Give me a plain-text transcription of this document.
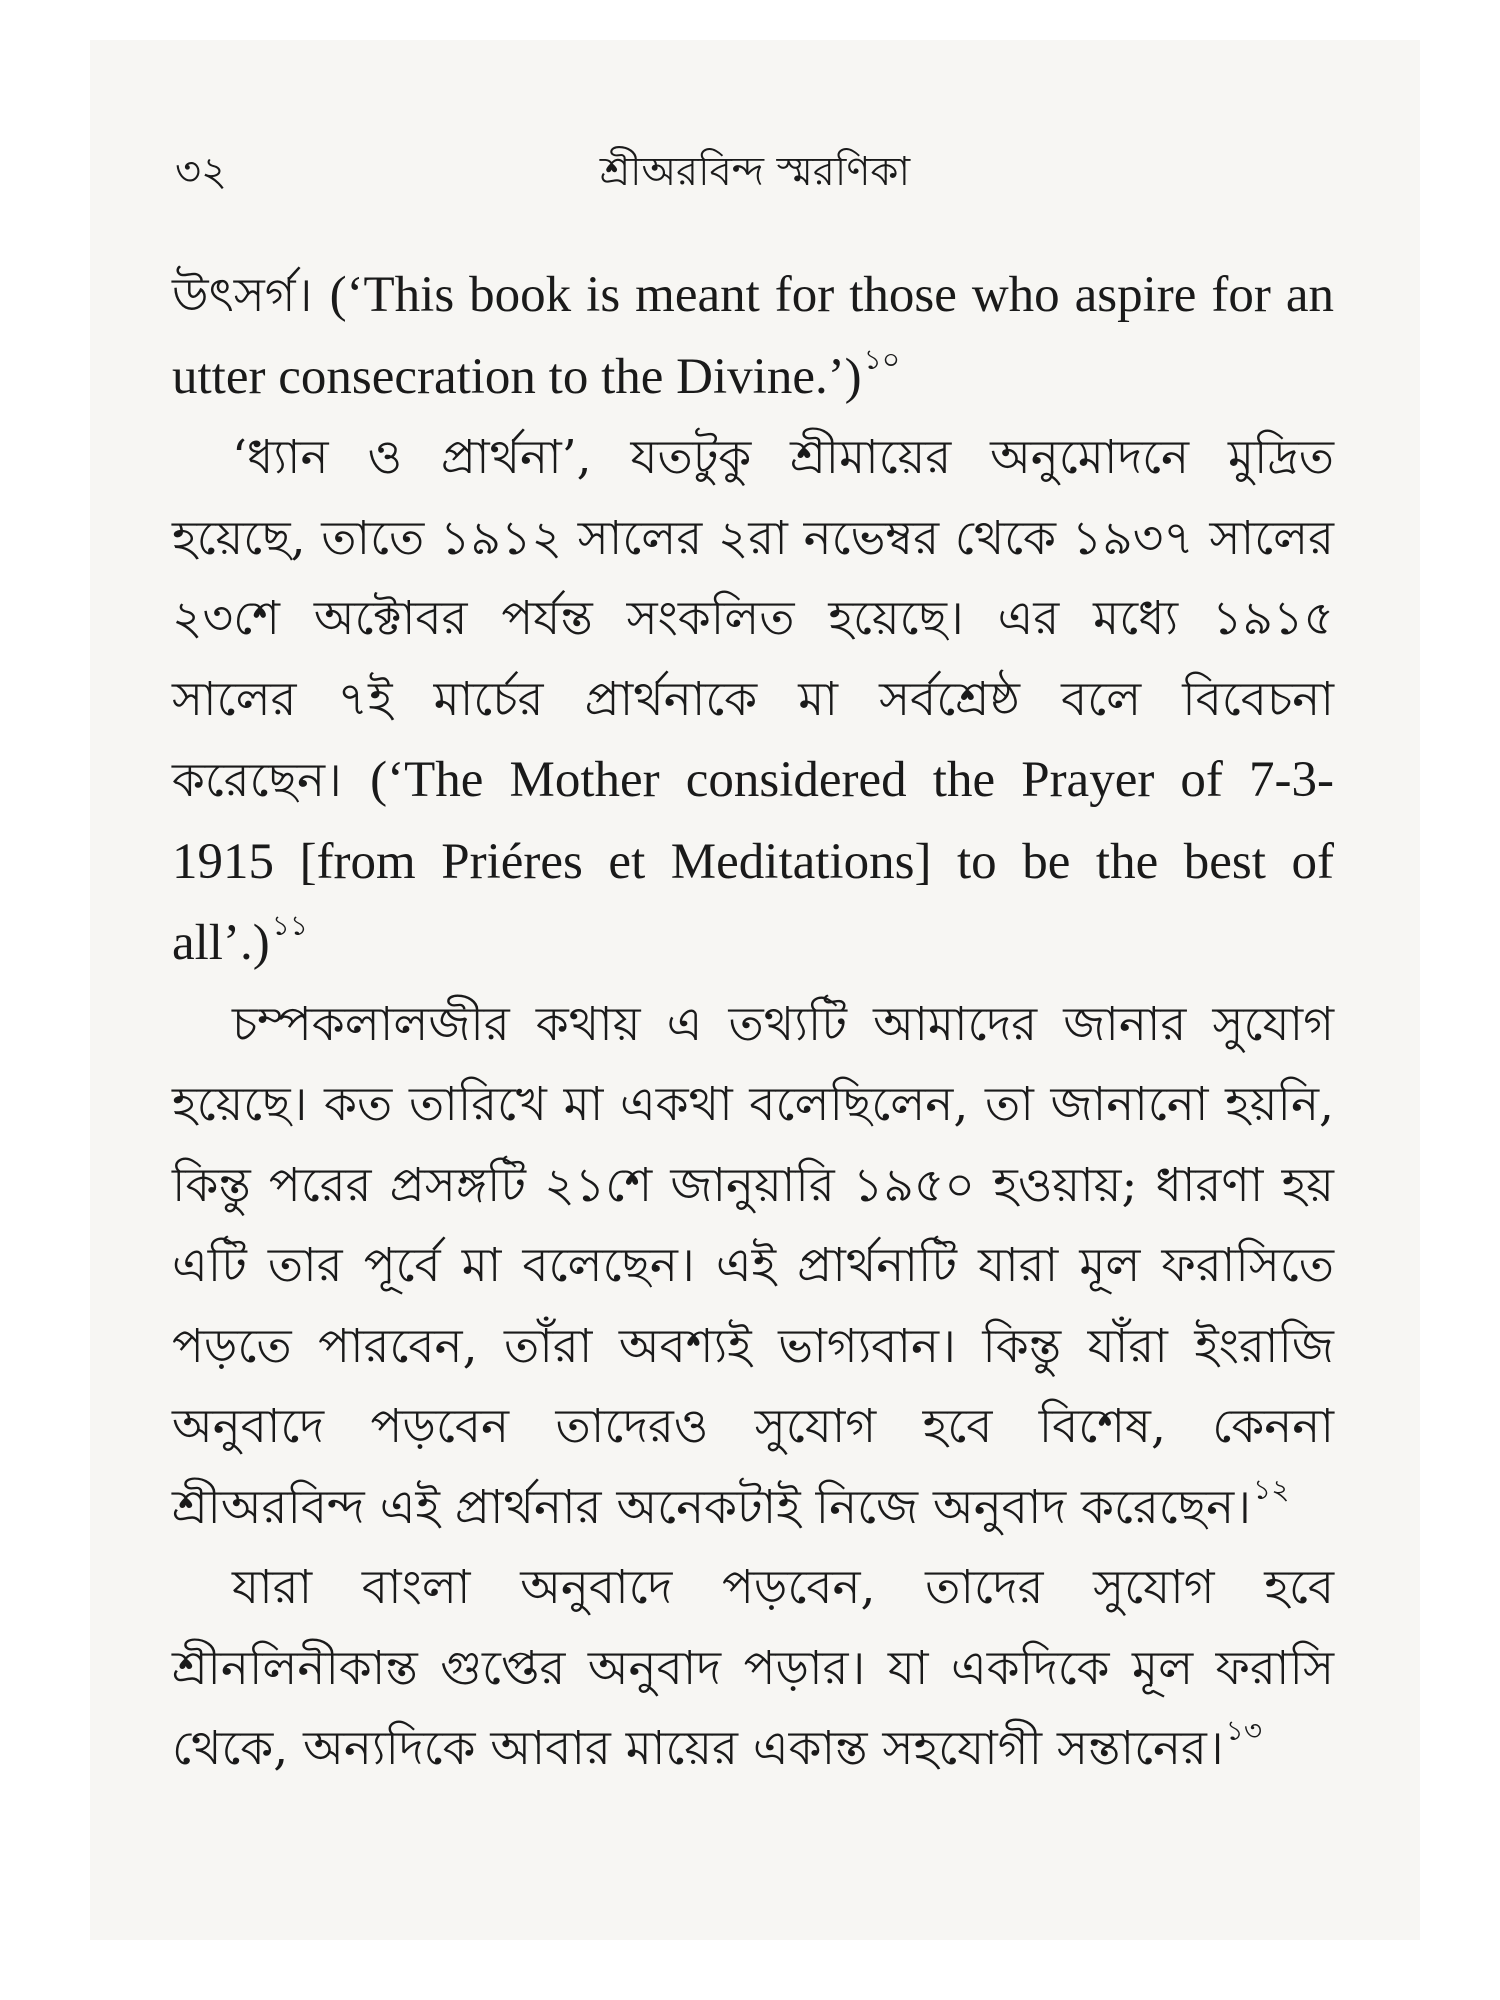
৩২	শ্রীঅরবিন্দ স্মরণিকা

উৎসর্গ। (‘This book is meant for those who aspire for an utter consecration to the Divine.’)$^{১০}$

‘ধ্যান ও প্রার্থনা’, যতটুকু শ্রীমায়ের অনুমোদনে মুদ্রিত হয়েছে, তাতে ১৯১২ সালের ২রা নভেম্বর থেকে ১৯৩৭ সালের ২৩শে অক্টোবর পর্যন্ত সংকলিত হয়েছে। এর মধ্যে ১৯১৫ সালের ৭ই মার্চের প্রার্থনাকে মা সর্বশ্রেষ্ঠ বলে বিবেচনা করেছেন। (‘The Mother considered the Prayer of 7-3-1915 [from Priéres et Meditations] to be the best of all’.)$^{১১}$

চম্পকলালজীর কথায় এ তথ্যটি আমাদের জানার সুযোগ হয়েছে। কত তারিখে মা একথা বলেছিলেন, তা জানানো হয়নি, কিন্তু পরের প্রসঙ্গটি ২১শে জানুয়ারি ১৯৫০ হওয়ায়; ধারণা হয় এটি তার পূর্বে মা বলেছেন। এই প্রার্থনাটি যারা মূল ফরাসিতে পড়তে পারবেন, তাঁরা অবশ্যই ভাগ্যবান। কিন্তু যাঁরা ইংরাজি অনুবাদে পড়বেন তাদেরও সুযোগ হবে বিশেষ, কেননা শ্রীঅরবিন্দ এই প্রার্থনার অনেকটাই নিজে অনুবাদ করেছেন।$^{১২}$

যারা বাংলা অনুবাদে পড়বেন, তাদের সুযোগ হবে শ্রীনলিনীকান্ত গুপ্তের অনুবাদ পড়ার। যা একদিকে মূল ফরাসি থেকে, অন্যদিকে আবার মায়ের একান্ত সহযোগী সন্তানের।$^{১৩}$
